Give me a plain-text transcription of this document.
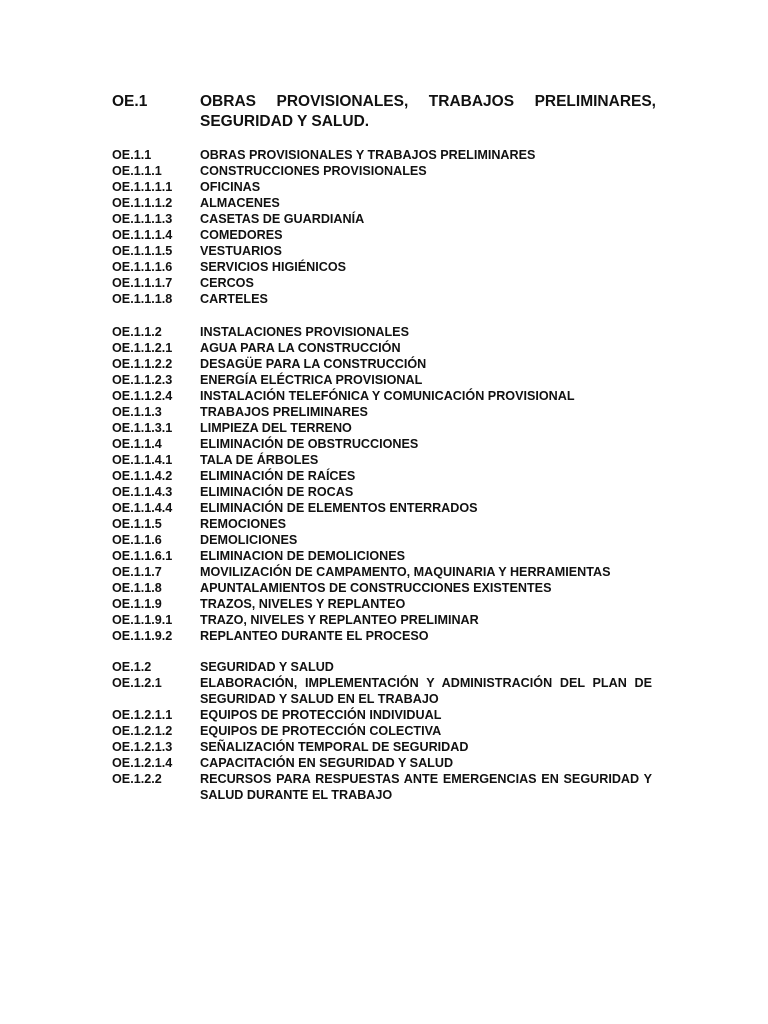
OE.1	OBRAS PROVISIONALES, TRABAJOS PRELIMINARES, SEGURIDAD Y SALUD.
OE.1.1	OBRAS PROVISIONALES Y TRABAJOS PRELIMINARES
OE.1.1.1	CONSTRUCCIONES PROVISIONALES
OE.1.1.1.1 OFICINAS
OE.1.1.1.2 ALMACENES
OE.1.1.1.3 CASETAS DE GUARDIANÍA
OE.1.1.1.4 COMEDORES
OE.1.1.1.5 VESTUARIOS
OE.1.1.1.6 SERVICIOS HIGIÉNICOS
OE.1.1.1.7 CERCOS
OE.1.1.1.8 CARTELES
OE.1.1.2	INSTALACIONES PROVISIONALES
OE.1.1.2.1 AGUA PARA LA CONSTRUCCIÓN
OE.1.1.2.2 DESAGÜE PARA LA CONSTRUCCIÓN
OE.1.1.2.3 ENERGÍA ELÉCTRICA PROVISIONAL
OE.1.1.2.4 INSTALACIÓN TELEFÓNICA Y COMUNICACIÓN PROVISIONAL
OE.1.1.3	TRABAJOS PRELIMINARES
OE.1.1.3.1 LIMPIEZA DEL TERRENO
OE.1.1.4	ELIMINACIÓN DE OBSTRUCCIONES
OE.1.1.4.1 TALA DE ÁRBOLES
OE.1.1.4.2 ELIMINACIÓN DE RAÍCES
OE.1.1.4.3 ELIMINACIÓN DE ROCAS
OE.1.1.4.4 ELIMINACIÓN DE ELEMENTOS ENTERRADOS
OE.1.1.5	REMOCIONES
OE.1.1.6	DEMOLICIONES
OE.1.1.6.1 ELIMINACION DE DEMOLICIONES
OE.1.1.7	MOVILIZACIÓN DE CAMPAMENTO, MAQUINARIA Y HERRAMIENTAS
OE.1.1.8	APUNTALAMIENTOS DE CONSTRUCCIONES EXISTENTES
OE.1.1.9	TRAZOS, NIVELES Y REPLANTEO
OE.1.1.9.1 TRAZO, NIVELES Y REPLANTEO PRELIMINAR
OE.1.1.9.2 REPLANTEO DURANTE EL PROCESO
OE.1.2	SEGURIDAD Y SALUD
OE.1.2.1	ELABORACIÓN, IMPLEMENTACIÓN Y ADMINISTRACIÓN DEL PLAN DE SEGURIDAD Y SALUD EN EL TRABAJO
OE.1.2.1.1 EQUIPOS DE PROTECCIÓN INDIVIDUAL
OE.1.2.1.2 EQUIPOS DE PROTECCIÓN COLECTIVA
OE.1.2.1.3 SEÑALIZACIÓN TEMPORAL DE SEGURIDAD
OE.1.2.1.4 CAPACITACIÓN EN SEGURIDAD Y SALUD
OE.1.2.2	RECURSOS PARA RESPUESTAS ANTE EMERGENCIAS EN SEGURIDAD Y SALUD DURANTE EL TRABAJO
